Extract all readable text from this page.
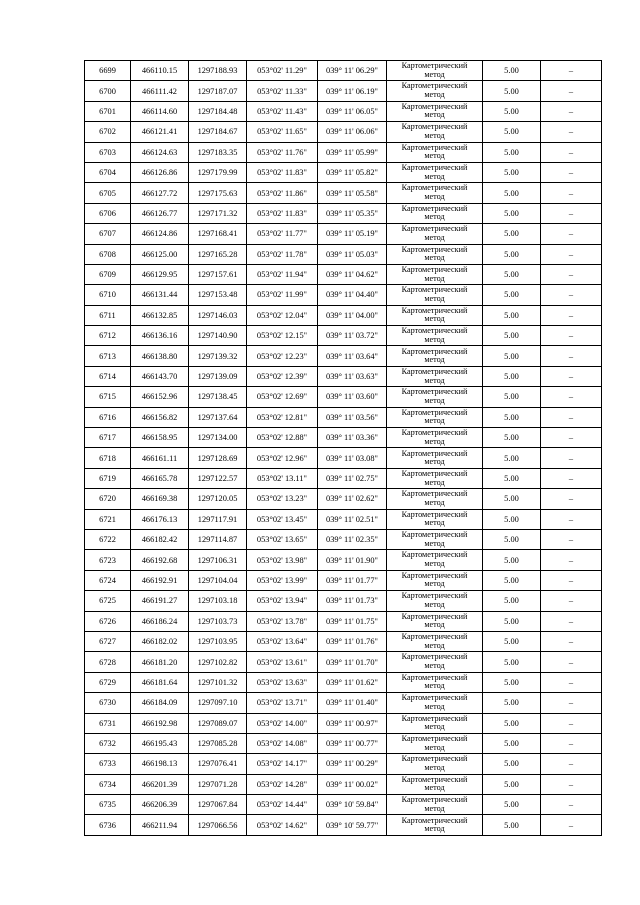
6699	466110.15	1297188.93	053°02' 11.29"	039° 11' 06.29"	Картометрический
метод	5.00	–
6700	466111.42	1297187.07	053°02' 11.33"	039° 11' 06.19"	Картометрический
метод	5.00	–
6701	466114.60	1297184.48	053°02' 11.43"	039° 11' 06.05"	Картометрический
метод	5.00	–
6702	466121.41	1297184.67	053°02' 11.65"	039° 11' 06.06"	Картометрический
метод	5.00	–
6703	466124.63	1297183.35	053°02' 11.76"	039° 11' 05.99"	Картометрический
метод	5.00	–
6704	466126.86	1297179.99	053°02' 11.83"	039° 11' 05.82"	Картометрический
метод	5.00	–
6705	466127.72	1297175.63	053°02' 11.86"	039° 11' 05.58"	Картометрический
метод	5.00	–
6706	466126.77	1297171.32	053°02' 11.83"	039° 11' 05.35"	Картометрический
метод	5.00	–
6707	466124.86	1297168.41	053°02' 11.77"	039° 11' 05.19"	Картометрический
метод	5.00	–
6708	466125.00	1297165.28	053°02' 11.78"	039° 11' 05.03"	Картометрический
метод	5.00	–
6709	466129.95	1297157.61	053°02' 11.94"	039° 11' 04.62"	Картометрический
метод	5.00	–
6710	466131.44	1297153.48	053°02' 11.99"	039° 11' 04.40"	Картометрический
метод	5.00	–
6711	466132.85	1297146.03	053°02' 12.04"	039° 11' 04.00"	Картометрический
метод	5.00	–
6712	466136.16	1297140.90	053°02' 12.15"	039° 11' 03.72"	Картометрический
метод	5.00	–
6713	466138.80	1297139.32	053°02' 12.23"	039° 11' 03.64"	Картометрический
метод	5.00	–
6714	466143.70	1297139.09	053°02' 12.39"	039° 11' 03.63"	Картометрический
метод	5.00	–
6715	466152.96	1297138.45	053°02' 12.69"	039° 11' 03.60"	Картометрический
метод	5.00	–
6716	466156.82	1297137.64	053°02' 12.81"	039° 11' 03.56"	Картометрический
метод	5.00	–
6717	466158.95	1297134.00	053°02' 12.88"	039° 11' 03.36"	Картометрический
метод	5.00	–
6718	466161.11	1297128.69	053°02' 12.96"	039° 11' 03.08"	Картометрический
метод	5.00	–
6719	466165.78	1297122.57	053°02' 13.11"	039° 11' 02.75"	Картометрический
метод	5.00	–
6720	466169.38	1297120.05	053°02' 13.23"	039° 11' 02.62"	Картометрический
метод	5.00	–
6721	466176.13	1297117.91	053°02' 13.45"	039° 11' 02.51"	Картометрический
метод	5.00	–
6722	466182.42	1297114.87	053°02' 13.65"	039° 11' 02.35"	Картометрический
метод	5.00	–
6723	466192.68	1297106.31	053°02' 13.98"	039° 11' 01.90"	Картометрический
метод	5.00	–
6724	466192.91	1297104.04	053°02' 13.99"	039° 11' 01.77"	Картометрический
метод	5.00	–
6725	466191.27	1297103.18	053°02' 13.94"	039° 11' 01.73"	Картометрический
метод	5.00	–
6726	466186.24	1297103.73	053°02' 13.78"	039° 11' 01.75"	Картометрический
метод	5.00	–
6727	466182.02	1297103.95	053°02' 13.64"	039° 11' 01.76"	Картометрический
метод	5.00	–
6728	466181.20	1297102.82	053°02' 13.61"	039° 11' 01.70"	Картометрический
метод	5.00	–
6729	466181.64	1297101.32	053°02' 13.63"	039° 11' 01.62"	Картометрический
метод	5.00	–
6730	466184.09	1297097.10	053°02' 13.71"	039° 11' 01.40"	Картометрический
метод	5.00	–
6731	466192.98	1297089.07	053°02' 14.00"	039° 11' 00.97"	Картометрический
метод	5.00	–
6732	466195.43	1297085.28	053°02' 14.08"	039° 11' 00.77"	Картометрический
метод	5.00	–
6733	466198.13	1297076.41	053°02' 14.17"	039° 11' 00.29"	Картометрический
метод	5.00	–
6734	466201.39	1297071.28	053°02' 14.28"	039° 11' 00.02"	Картометрический
метод	5.00	–
6735	466206.39	1297067.84	053°02' 14.44"	039° 10' 59.84"	Картометрический
метод	5.00	–
6736	466211.94	1297066.56	053°02' 14.62"	039° 10' 59.77"	Картометрический
метод	5.00	–
